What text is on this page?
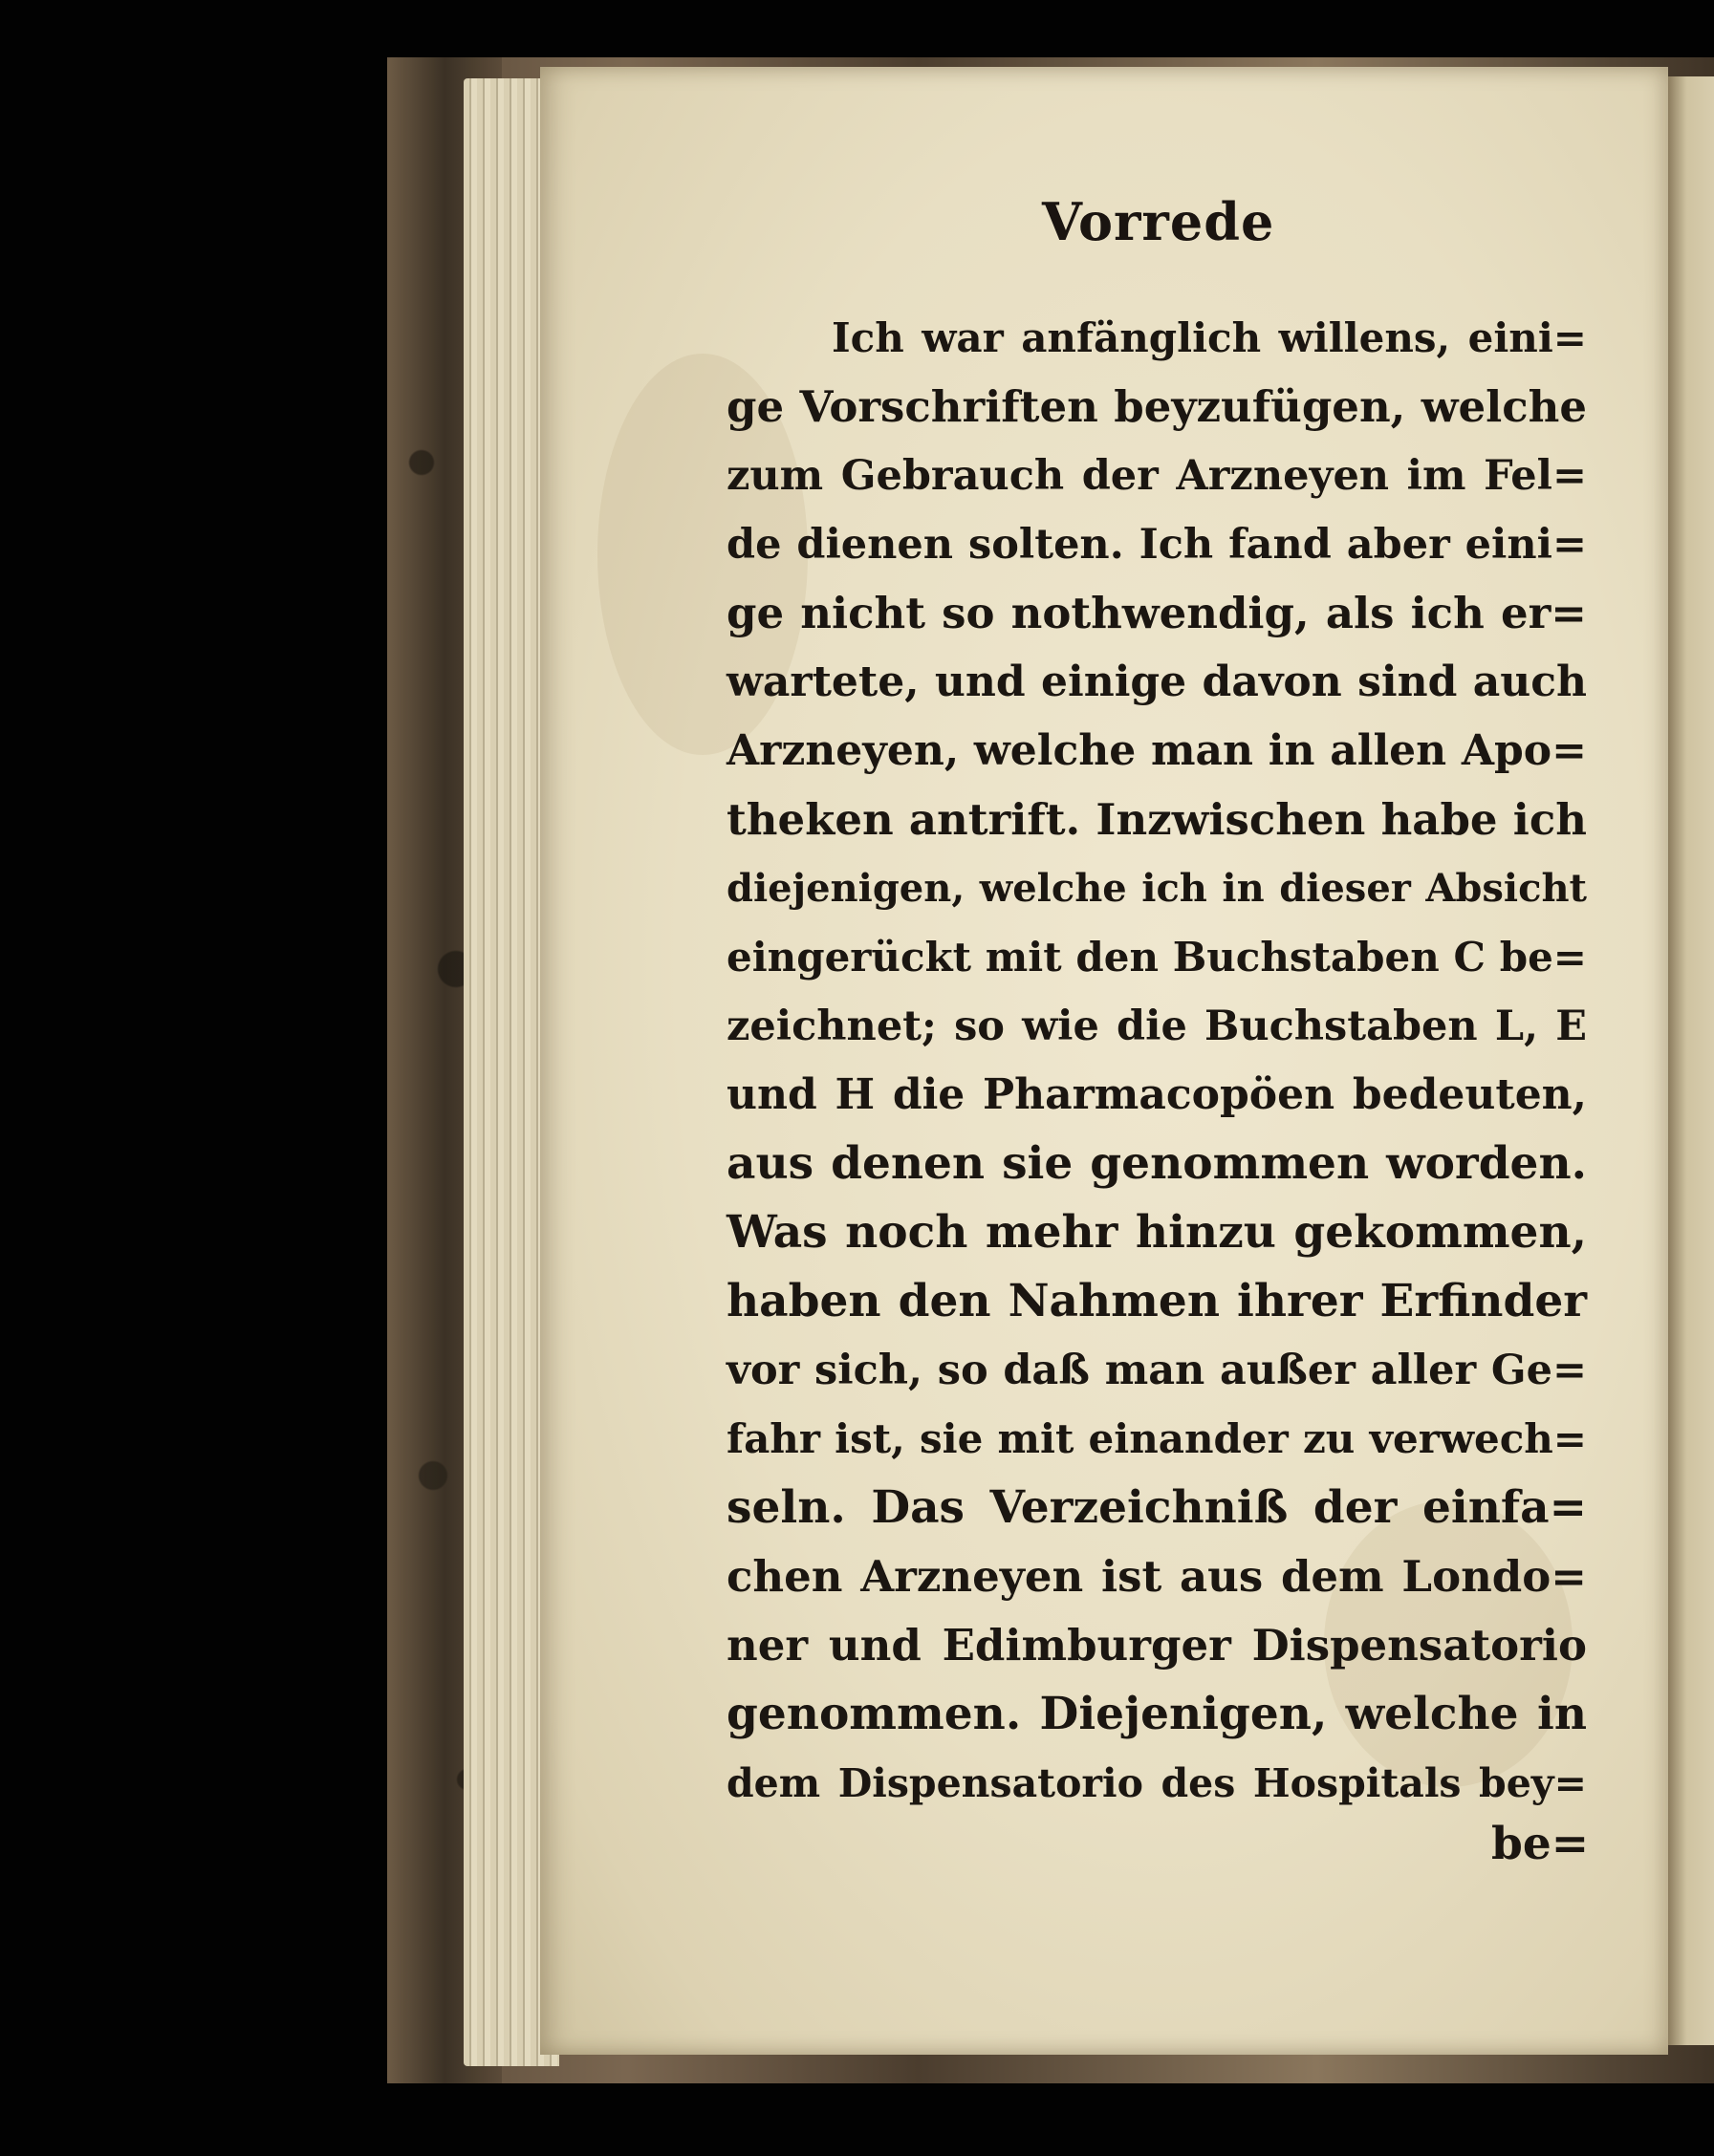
Vorrede
Ich war anfänglich willens, eini=
ge Vorschriften beyzufügen, welche
zum Gebrauch der Arzneyen im Fel=
de dienen solten. Ich fand aber eini=
ge nicht so nothwendig, als ich er=
wartete, und einige davon sind auch
Arzneyen, welche man in allen Apo=
theken antrift. Inzwischen habe ich
diejenigen, welche ich in dieser Absicht
eingerückt mit den Buchstaben C be=
zeichnet; so wie die Buchstaben L, E
und H die Pharmacopöen bedeuten,
aus denen sie genommen worden.
Was noch mehr hinzu gekommen,
haben den Nahmen ihrer Erfinder
vor sich, so daß man außer aller Ge=
fahr ist, sie mit einander zu verwech=
seln. Das Verzeichniß der einfa=
chen Arzneyen ist aus dem Londo=
ner und Edimburger Dispensatorio
genommen. Diejenigen, welche in
dem Dispensatorio des Hospitals bey=
be=
